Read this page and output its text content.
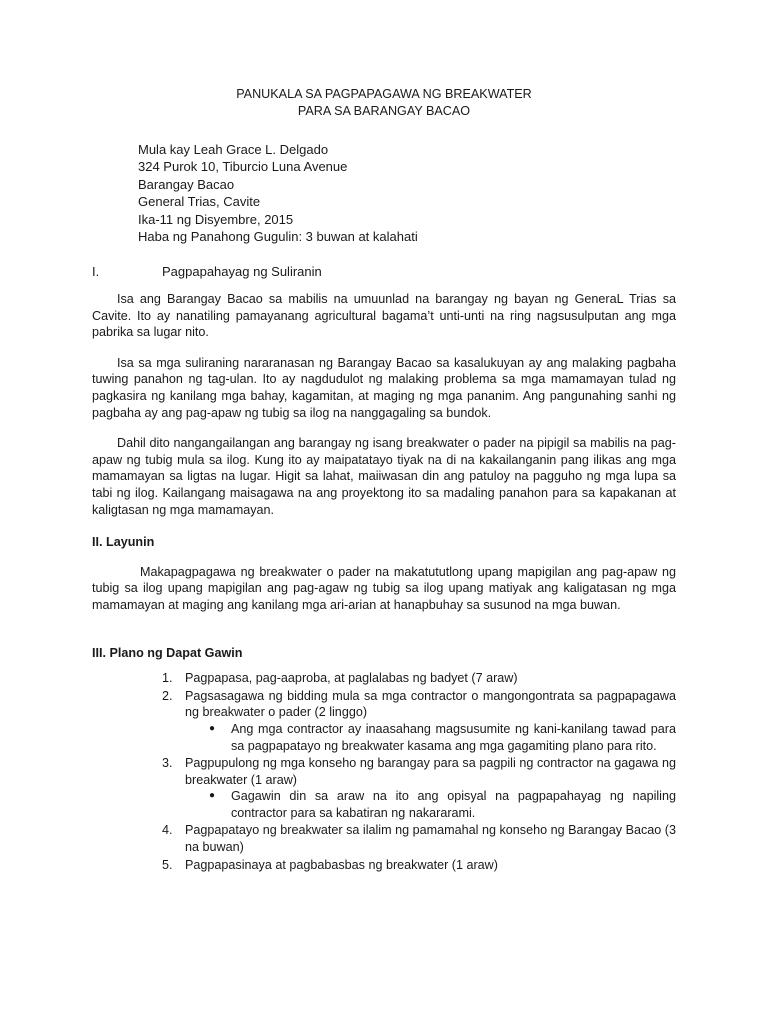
PANUKALA SA PAGPAPAGAWA NG BREAKWATER
PARA SA BARANGAY BACAO
Mula kay Leah Grace L. Delgado
324 Purok 10, Tiburcio Luna Avenue
Barangay Bacao
General Trias, Cavite
Ika-11 ng Disyembre, 2015
Haba ng Panahong Gugulin: 3 buwan at kalahati
I.	Pagpapahayag ng Suliranin

Isa ang Barangay Bacao sa mabilis na umuunlad na barangay ng bayan ng GeneraL Trias sa Cavite. Ito ay nanatiling pamayanang agricultural bagama’t unti-unti na ring nagsusulputan ang mga pabrika sa lugar nito.

Isa sa mga suliraning nararanasan ng Barangay Bacao sa kasalukuyan ay ang malaking pagbaha tuwing panahon ng tag-ulan. Ito ay nagdudulot ng malaking problema sa mga mamamayan tulad ng pagkasira ng kanilang mga bahay, kagamitan, at maging ng mga pananim. Ang pangunahing sanhi ng pagbaha ay ang pag-apaw ng tubig sa ilog na nanggagaling sa bundok.

Dahil dito nangangailangan ang barangay ng isang breakwater o pader na pipigil sa mabilis na pag-apaw ng tubig mula sa ilog. Kung ito ay maipatatayo tiyak na di na kakailanganin pang ilikas ang mga mamamayan sa ligtas na lugar. Higit sa lahat, maiiwasan din ang patuloy na pagguho ng mga lupa sa tabi ng ilog. Kailangang maisagawa na ang proyektong ito sa madaling panahon para sa kapakanan at kaligtasan ng mga mamamayan.

II. Layunin

Makapagpagawa ng breakwater o pader na makatututlong upang mapigilan ang pag-apaw ng tubig sa ilog upang mapigilan ang pag-agaw ng tubig sa ilog upang matiyak ang kaligatasan ng mga mamamayan at maging ang kanilang mga ari-arian at hanapbuhay sa susunod na mga buwan.

III. Plano ng Dapat Gawin
1. Pagpapasa, pag-aaproba, at paglalabas ng badyet (7 araw)
2. Pagsasagawa ng bidding mula sa mga contractor o mangongontrata sa pagpapagawa ng breakwater o pader (2 linggo)
● Ang mga contractor ay inaasahang magsusumite ng kani-kanilang tawad para sa pagpapatayo ng breakwater kasama ang mga gagamiting plano para rito.
3. Pagpupulong ng mga konseho ng barangay para sa pagpili ng contractor na gagawa ng breakwater (1 araw)
● Gagawin din sa araw na ito ang opisyal na pagpapahayag ng napiling contractor para sa kabatiran ng nakararami.
4. Pagpapatayo ng breakwater sa ilalim ng pamamahal ng konseho ng Barangay Bacao (3 na buwan)
5. Pagpapasinaya at pagbabasbas ng breakwater (1 araw)
